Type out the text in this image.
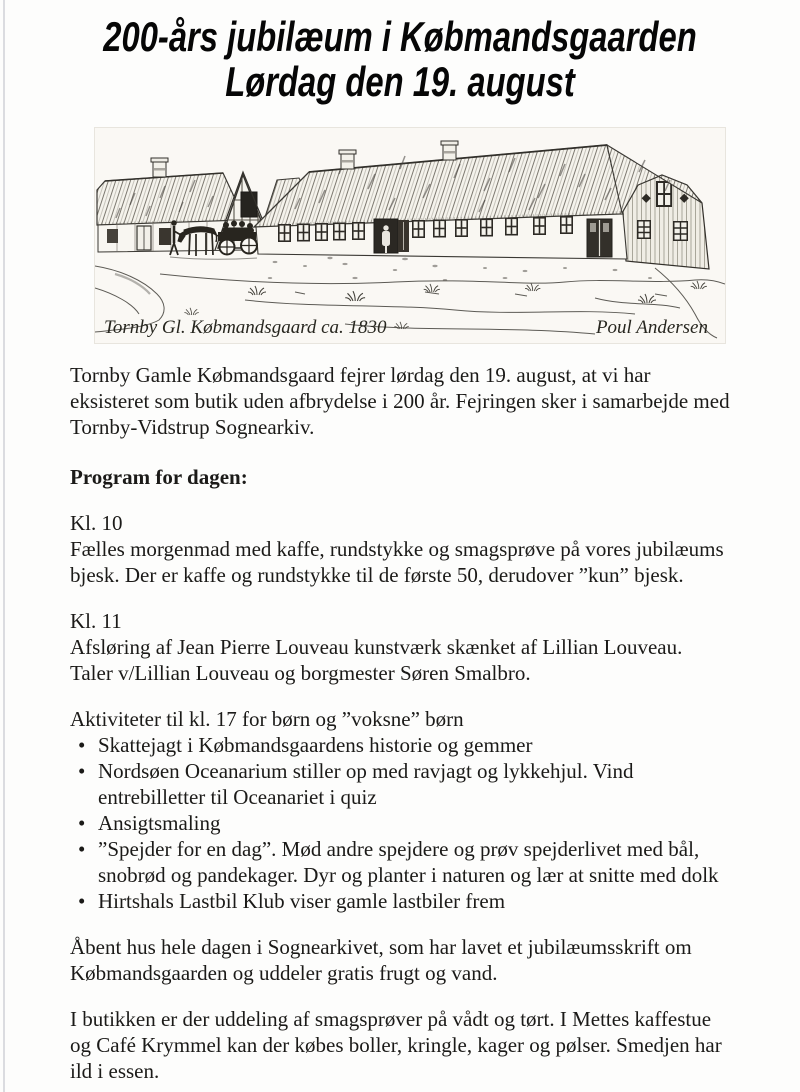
200-års jubilæum i Købmandsgaarden
Lørdag den 19. august
Tornby Gl. Købmandsgaard ca. 1830	Poul Andersen

Tornby Gamle Købmandsgaard fejrer lørdag den 19. august, at vi har eksisteret som butik uden afbrydelse i 200 år. Fejringen sker i samarbejde med Tornby-Vidstrup Sognearkiv.

Program for dagen:

Kl. 10

Fælles morgenmad med kaffe, rundstykke og smagsprøve på vores jubilæums bjesk. Der er kaffe og rundstykke til de første 50, derudover ”kun” bjesk.

Kl. 11

Afsløring af Jean Pierre Louveau kunstværk skænket af Lillian Louveau. Taler v/Lillian Louveau og borgmester Søren Smalbro.

Aktiviteter til kl. 17 for børn og ”voksne” børn

• Skattejagt i Købmandsgaardens historie og gemmer
• Nordsøen Oceanarium stiller op med ravjagt og lykkehjul. Vind entrebilletter til Oceanariet i quiz
• Ansigtsmaling
• ”Spejder for en dag”. Mød andre spejdere og prøv spejderlivet med bål, snobrød og pandekager. Dyr og planter i naturen og lær at snitte med dolk
• Hirtshals Lastbil Klub viser gamle lastbiler frem

Åbent hus hele dagen i Sognearkivet, som har lavet et jubilæumsskrift om Købmandsgaarden og uddeler gratis frugt og vand.

I butikken er der uddeling af smagsprøver på vådt og tørt. I Mettes kaffestue og Café Krymmel kan der købes boller, kringle, kager og pølser. Smedjen har ild i essen.
